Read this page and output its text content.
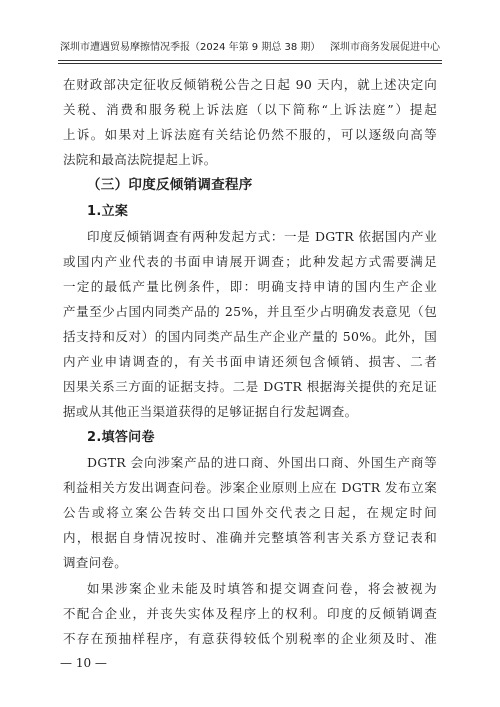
深圳市遭遇贸易摩擦情况季报（2024 年第 9 期总 38 期） 深圳市商务发展促进中心
在财政部决定征收反倾销税公告之日起 90 天内，就上述决定向
关税、消费和服务税上诉法庭（以下简称“上诉法庭”）提起
上诉。如果对上诉法庭有关结论仍然不服的，可以逐级向高等
法院和最高法院提起上诉。
（三）印度反倾销调查程序
1.立案
印度反倾销调查有两种发起方式：一是 DGTR 依据国内产业
或国内产业代表的书面申请展开调查；此种发起方式需要满足
一定的最低产量比例条件，即：明确支持申请的国内生产企业
产量至少占国内同类产品的 25%，并且至少占明确发表意见（包
括支持和反对）的国内同类产品生产企业产量的 50%。此外，国
内产业申请调查的，有关书面申请还须包含倾销、损害、二者
因果关系三方面的证据支持。二是 DGTR 根据海关提供的充足证
据或从其他正当渠道获得的足够证据自行发起调查。
2.填答问卷
DGTR 会向涉案产品的进口商、外国出口商、外国生产商等
利益相关方发出调查问卷。涉案企业原则上应在 DGTR 发布立案
公告或将立案公告转交出口国外交代表之日起，在规定时间
内，根据自身情况按时、准确并完整填答利害关系方登记表和
调查问卷。
如果涉案企业未能及时填答和提交调查问卷，将会被视为
不配合企业，并丧失实体及程序上的权利。印度的反倾销调查
不存在预抽样程序，有意获得较低个别税率的企业须及时、准
— 10 —
